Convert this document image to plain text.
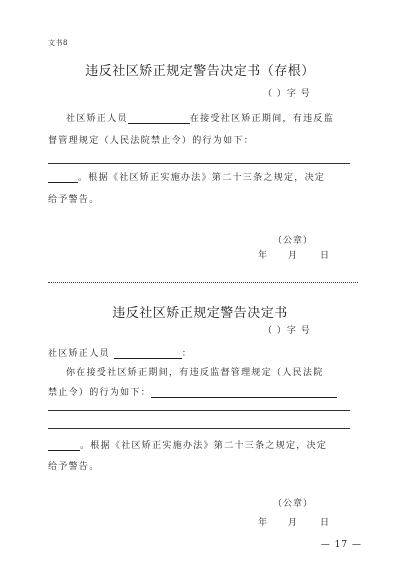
文书8
违反社区矫正规定警告决定书（存根）
（ ）字 号
社区矫正人员	在接受社区矫正期间，有违反监
督管理规定（人民法院禁止令）的行为如下：
。根据《社区矫正实施办法》第二十三条之规定，决定
给予警告。
（公章）
年 月	日
违反社区矫正规定警告决定书
（ ）字 号
社区矫正人员	：
你在接受社区矫正期间，有违反监督管理规定（人民法院
禁止令）的行为如下：
。根据《社区矫正实施办法》第二十三条之规定，决定
给予警告。
（公章）
年 月	日
— 17 —
